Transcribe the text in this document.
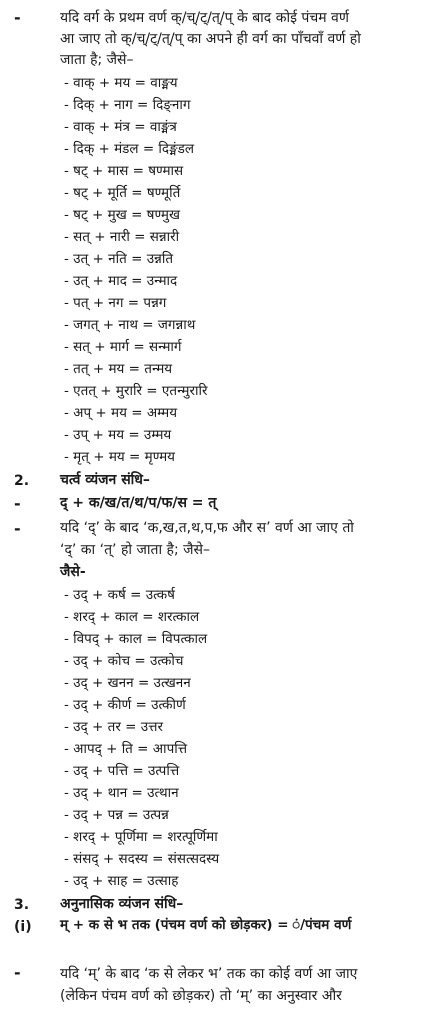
-	यदि वर्ग के प्रथम वर्ण क्/च्/ट्/त्/प् के बाद कोई पंचम वर्ण
आ जाए तो क्/च्/ट्/त्/प् का अपने ही वर्ग का पाँचवाँ वर्ण हो
जाता है; जैसे–
- वाक् + मय = वाङ्मय
- दिक् + नाग = दिङ्नाग
- वाक् + मंत्र = वाङ्मंत्र
- दिक् + मंडल = दिङ्मंडल
- षट् + मास = षण्मास
- षट् + मूर्ति = षण्मूर्ति
- षट् + मुख = षण्मुख
- सत् + नारी = सन्नारी
- उत् + नति = उन्नति
- उत् + माद = उन्माद
- पत् + नग = पन्नग
- जगत् + नाथ = जगन्नाथ
- सत् + मार्ग = सन्मार्ग
- तत् + मय = तन्मय
- एतत् + मुरारि = एतन्मुरारि
- अप् + मय = अम्मय
- उप् + मय = उम्मय
- मृत् + मय = मृण्मय
2. चर्त्व व्यंजन संधि–
-	द् + क/ख/त/थ/प/फ/स = त्
-	यदि ‘द्’ के बाद ‘क,ख,त,थ,प,फ और स’ वर्ण आ जाए तो
‘द्’ का ‘त्’ हो जाता है; जैसे–
जैसे-
- उद् + कर्ष = उत्कर्ष
- शरद् + काल = शरत्काल
- विपद् + काल = विपत्काल
- उद् + कोच = उत्कोच
- उद् + खनन = उत्खनन
- उद् + कीर्ण = उत्कीर्ण
- उद् + तर = उत्तर
- आपद् + ति = आपत्ति
- उद् + पत्ति = उत्पत्ति
- उद् + थान = उत्थान
- उद् + पन्न = उत्पन्न
- शरद् + पूर्णिमा = शरत्पूर्णिमा
- संसद् + सदस्य = संसत्सदस्य
- उद् + साह = उत्साह
3. अनुनासिक व्यंजन संधि–
(i) म् + क से भ तक (पंचम वर्ण को छोड़कर) = ं/पंचम वर्ण
-	यदि ‘म्’ के बाद ‘क से लेकर भ’ तक का कोई वर्ण आ जाए
(लेकिन पंचम वर्ण को छोड़कर) तो ‘म्’ का अनुस्वार और
